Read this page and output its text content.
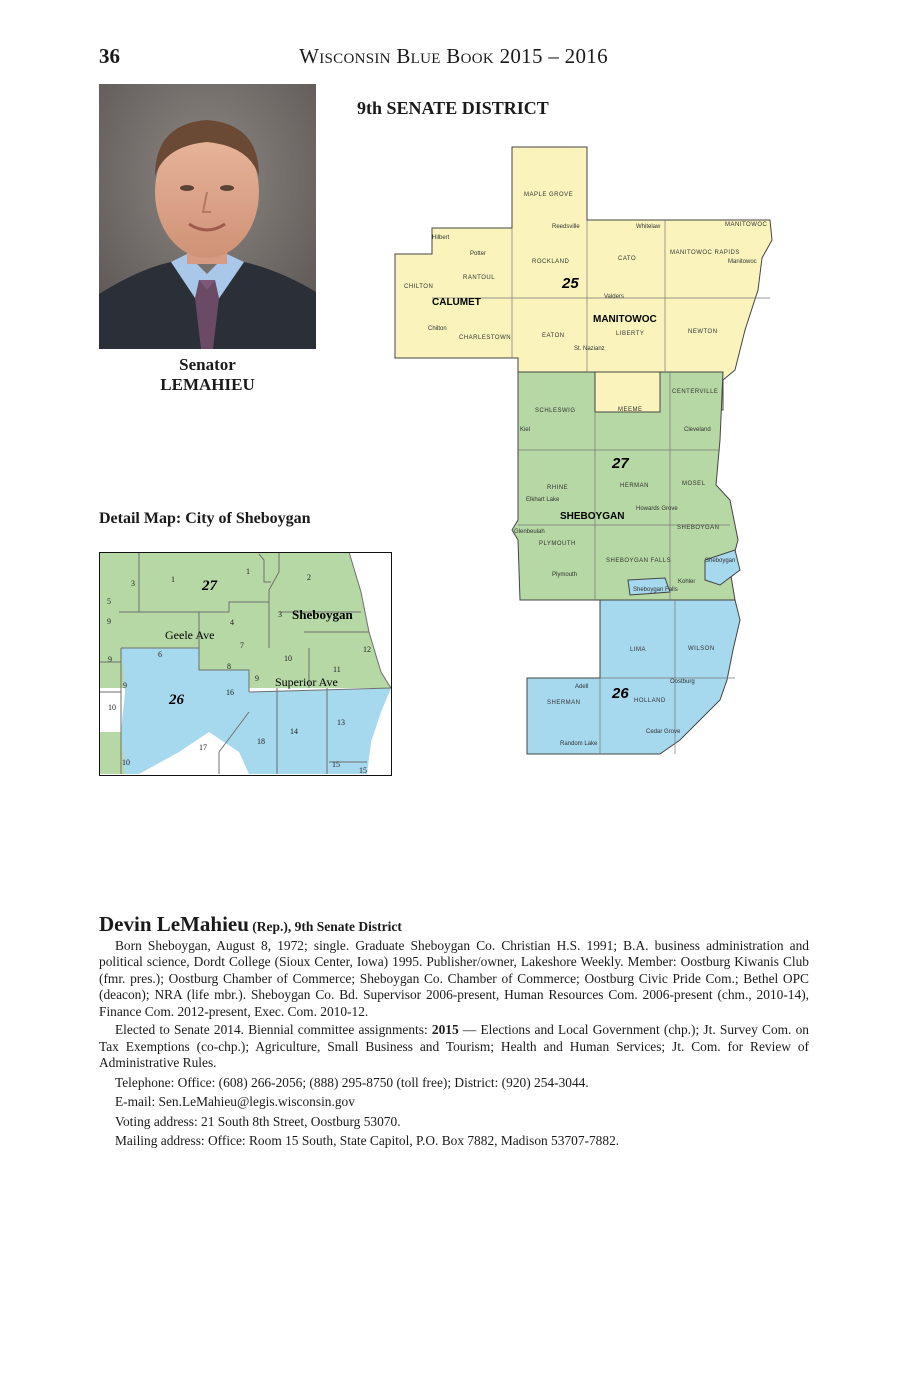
36	Wisconsin Blue Book 2015 – 2016
Senator
LEMAHIEU
9th SENATE DISTRICT
25
27
26
CALUMET
MANITOWOC
SHEBOYGAN
MAPLE GROVE
ROCKLAND	CATO
MANITOWOC RAPIDS
MANITOWOC
CHILTON
RANTOUL
CHARLESTOWN	EATON	LIBERTY	NEWTON
CENTERVILLE
SCHLESWIG	MEEME
RHINE	HERMAN	MOSEL
PLYMOUTH
SHEBOYGAN FALLS
SHEBOYGAN
LIMA	WILSON
SHERMAN	HOLLAND
Reedsville	Whitelaw
Hilbert
Potter
Manitowoc
Valders
Chilton
St. Nazianz
Kiel	Cleveland
Elkhart Lake
Howards Grove
Glenbeulah
Plymouth
Sheboygan
Kohler
Sheboygan Falls
Adell
Oostburg
Cedar Grove
Random Lake
Detail Map: City of Sheboygan
Geele Ave
Superior Ave
Sheboygan
27
26
1
1
2
3
3
4
5
6
7
8
9
9
9
9
10
10
10
11
12
13
14
15
15
16
17
18
Devin LeMahieu (Rep.), 9th Senate District

Born Sheboygan, August 8, 1972; single. Graduate Sheboygan Co. Christian H.S. 1991; B.A. business administration and political science, Dordt College (Sioux Center, Iowa) 1995. Publisher/owner, Lakeshore Weekly. Member: Oostburg Kiwanis Club (fmr. pres.); Oostburg Chamber of Commerce; Sheboygan Co. Chamber of Commerce; Oostburg Civic Pride Com.; Bethel OPC (deacon); NRA (life mbr.). Sheboygan Co. Bd. Supervisor 2006-present, Human Resources Com. 2006-present (chm., 2010-14), Finance Com. 2012-present, Exec. Com. 2010-12.

Elected to Senate 2014. Biennial committee assignments: 2015 — Elections and Local Government (chp.); Jt. Survey Com. on Tax Exemptions (co-chp.); Agriculture, Small Business and Tourism; Health and Human Services; Jt. Com. for Review of Administrative Rules.

Telephone: Office: (608) 266-2056; (888) 295-8750 (toll free); District: (920) 254-3044.

E-mail: Sen.LeMahieu@legis.wisconsin.gov

Voting address: 21 South 8th Street, Oostburg 53070.

Mailing address: Office: Room 15 South, State Capitol, P.O. Box 7882, Madison 53707-7882.
